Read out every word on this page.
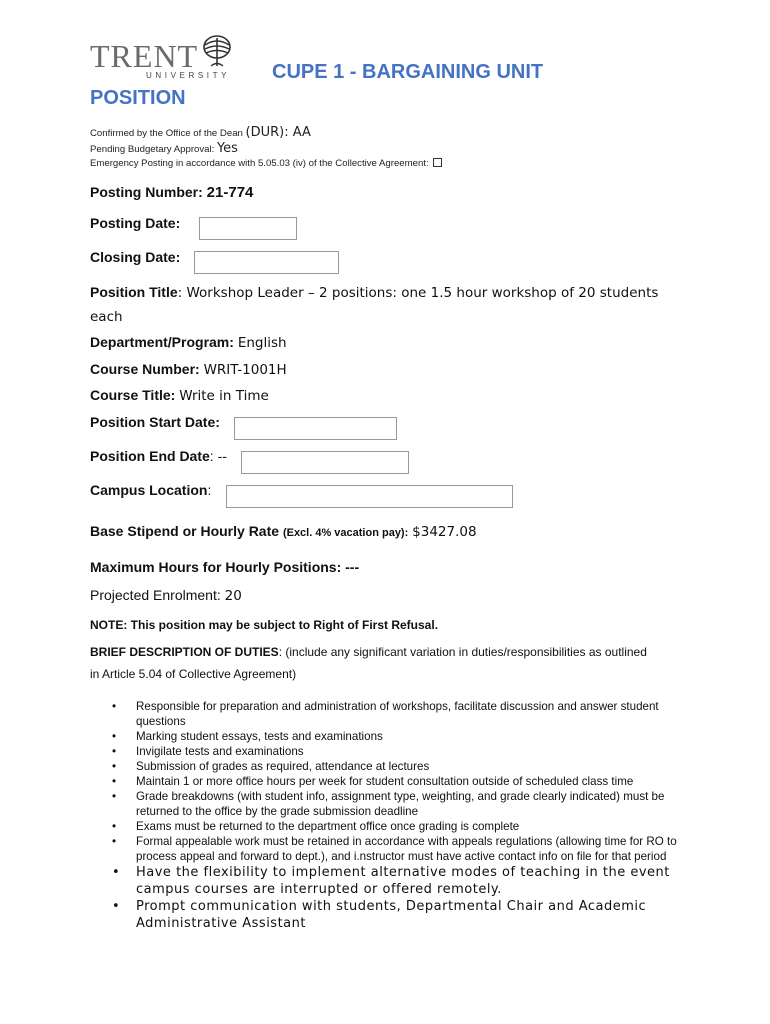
TRENT
UNIVERSITY CUPE 1 - BARGAINING UNIT
POSITION
Confirmed by the Office of the Dean (DUR): AA
Pending Budgetary Approval: Yes
Emergency Posting in accordance with 5.05.03 (iv) of the Collective Agreement:
Posting Number: 21-774
Posting Date:
Closing Date:
Position Title: Workshop Leader – 2 positions: one 1.5 hour workshop of 20 students
each
Department/Program: English
Course Number: WRIT-1001H
Course Title: Write in Time
Position Start Date:
Position End Date: --
Campus Location:
Base Stipend or Hourly Rate (Excl. 4% vacation pay): $3427.08
Maximum Hours for Hourly Positions: ---
Projected Enrolment: 20
NOTE: This position may be subject to Right of First Refusal.
BRIEF DESCRIPTION OF DUTIES: (include any significant variation in duties/responsibilities as outlined
in Article 5.04 of Collective Agreement)
• Responsible for preparation and administration of workshops, facilitate discussion and answer student questions
• Marking student essays, tests and examinations
• Invigilate tests and examinations
• Submission of grades as required, attendance at lectures
• Maintain 1 or more office hours per week for student consultation outside of scheduled class time
• Grade breakdowns (with student info, assignment type, weighting, and grade clearly indicated) must be returned to the office by the grade submission deadline
• Exams must be returned to the department office once grading is complete
• Formal appealable work must be retained in accordance with appeals regulations (allowing time for RO to process appeal and forward to dept.), and i.nstructor must have active contact info on file for that period
• Have the flexibility to implement alternative modes of teaching in the event campus courses are interrupted or offered remotely.
• Prompt communication with students, Departmental Chair and Academic Administrative Assistant
